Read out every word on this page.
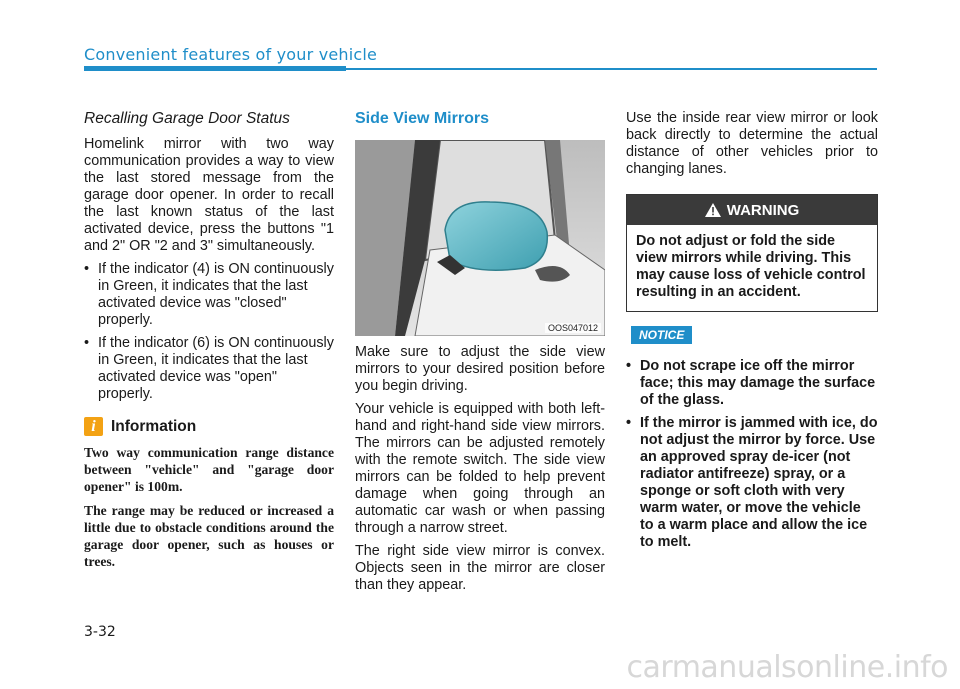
Convenient features of your vehicle
Recalling Garage Door Status

Homelink mirror with two way communication provides a way to view the last stored message from the garage door opener. In order to recall the last known status of the last activated device, press the buttons "1 and 2" OR "2 and 3" simultaneously.

• If the indicator (4) is ON continuously in Green, it indicates that the last activated device was "closed" properly.
• If the indicator (6) is ON continuously in Green, it indicates that the last activated device was "open" properly.
i Information

Two way communication range distance between "vehicle" and "garage door opener" is 100m.

The range may be reduced or increased a little due to obstacle conditions around the garage door opener, such as houses or trees.

Side View Mirrors
OOS047012

Make sure to adjust the side view mirrors to your desired position before you begin driving.

Your vehicle is equipped with both left-hand and right-hand side view mirrors. The mirrors can be adjusted remotely with the remote switch. The side view mirrors can be folded to help prevent damage when going through an automatic car wash or when passing through a narrow street.

The right side view mirror is convex. Objects seen in the mirror are closer than they appear.

Use the inside rear view mirror or look back directly to determine the actual distance of other vehicles prior to changing lanes.

WARNING
Do not adjust or fold the side view mirrors while driving. This may cause loss of vehicle control resulting in an accident.
NOTICE
• Do not scrape ice off the mirror face; this may damage the surface of the glass.
• If the mirror is jammed with ice, do not adjust the mirror by force. Use an approved spray de-icer (not radiator antifreeze) spray, or a sponge or soft cloth with very warm water, or move the vehicle to a warm place and allow the ice to melt.
3-32
carmanualsonline.info
